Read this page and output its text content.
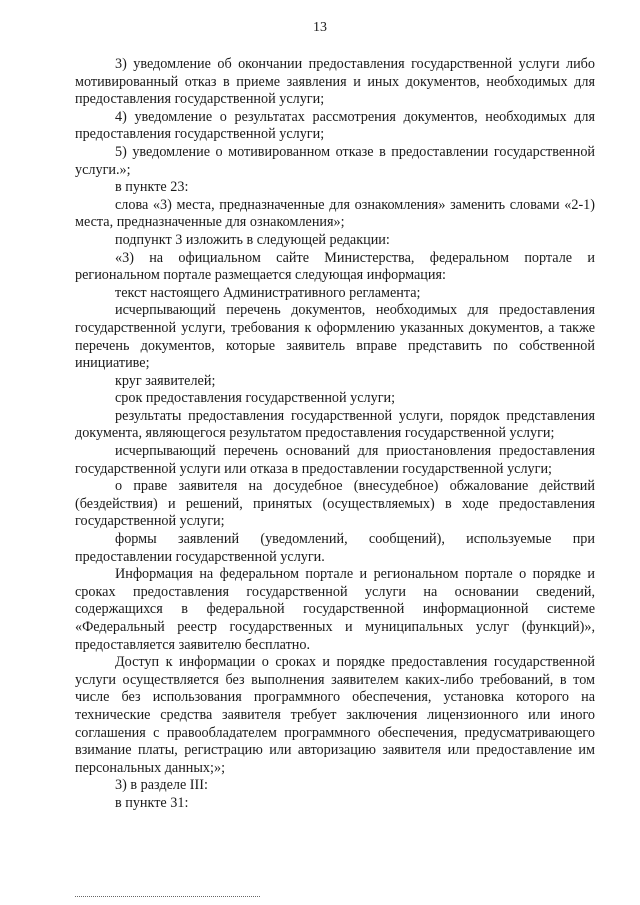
13

3) уведомление об окончании предоставления государственной услуги либо мотивированный отказ в приеме заявления и иных документов, необходимых для предоставления государственной услуги;

4) уведомление о результатах рассмотрения документов, необходимых для предоставления государственной услуги;

5) уведомление о мотивированном отказе в предоставлении государственной услуги.»;

в пункте 23:

слова «3) места, предназначенные для ознакомления» заменить словами «2-1) места, предназначенные для ознакомления»;

подпункт 3 изложить в следующей редакции:

«3) на официальном сайте Министерства, федеральном портале и региональном портале размещается следующая информация:

текст настоящего Административного регламента;

исчерпывающий перечень документов, необходимых для предоставления государственной услуги, требования к оформлению указанных документов, а также перечень документов, которые заявитель вправе представить по собственной инициативе;

круг заявителей;

срок предоставления государственной услуги;

результаты предоставления государственной услуги, порядок представления документа, являющегося результатом предоставления государственной услуги;

исчерпывающий перечень оснований для приостановления предоставления государственной услуги или отказа в предоставлении государственной услуги;

о праве заявителя на досудебное (внесудебное) обжалование действий (бездействия) и решений, принятых (осуществляемых) в ходе предоставления государственной услуги;

формы заявлений (уведомлений, сообщений), используемые при предоставлении государственной услуги.

Информация на федеральном портале и региональном портале о порядке и сроках предоставления государственной услуги на основании сведений, содержащихся в федеральной государственной информационной системе «Федеральный реестр государственных и муниципальных услуг (функций)», предоставляется заявителю бесплатно.

Доступ к информации о сроках и порядке предоставления государственной услуги осуществляется без выполнения заявителем каких-либо требований, в том числе без использования программного обеспечения, установка которого на технические средства заявителя требует заключения лицензионного или иного соглашения с правообладателем программного обеспечения, предусматривающего взимание платы, регистрацию или авторизацию заявителя или предоставление им персональных данных;»;

3) в разделе III:

в пункте 31:
